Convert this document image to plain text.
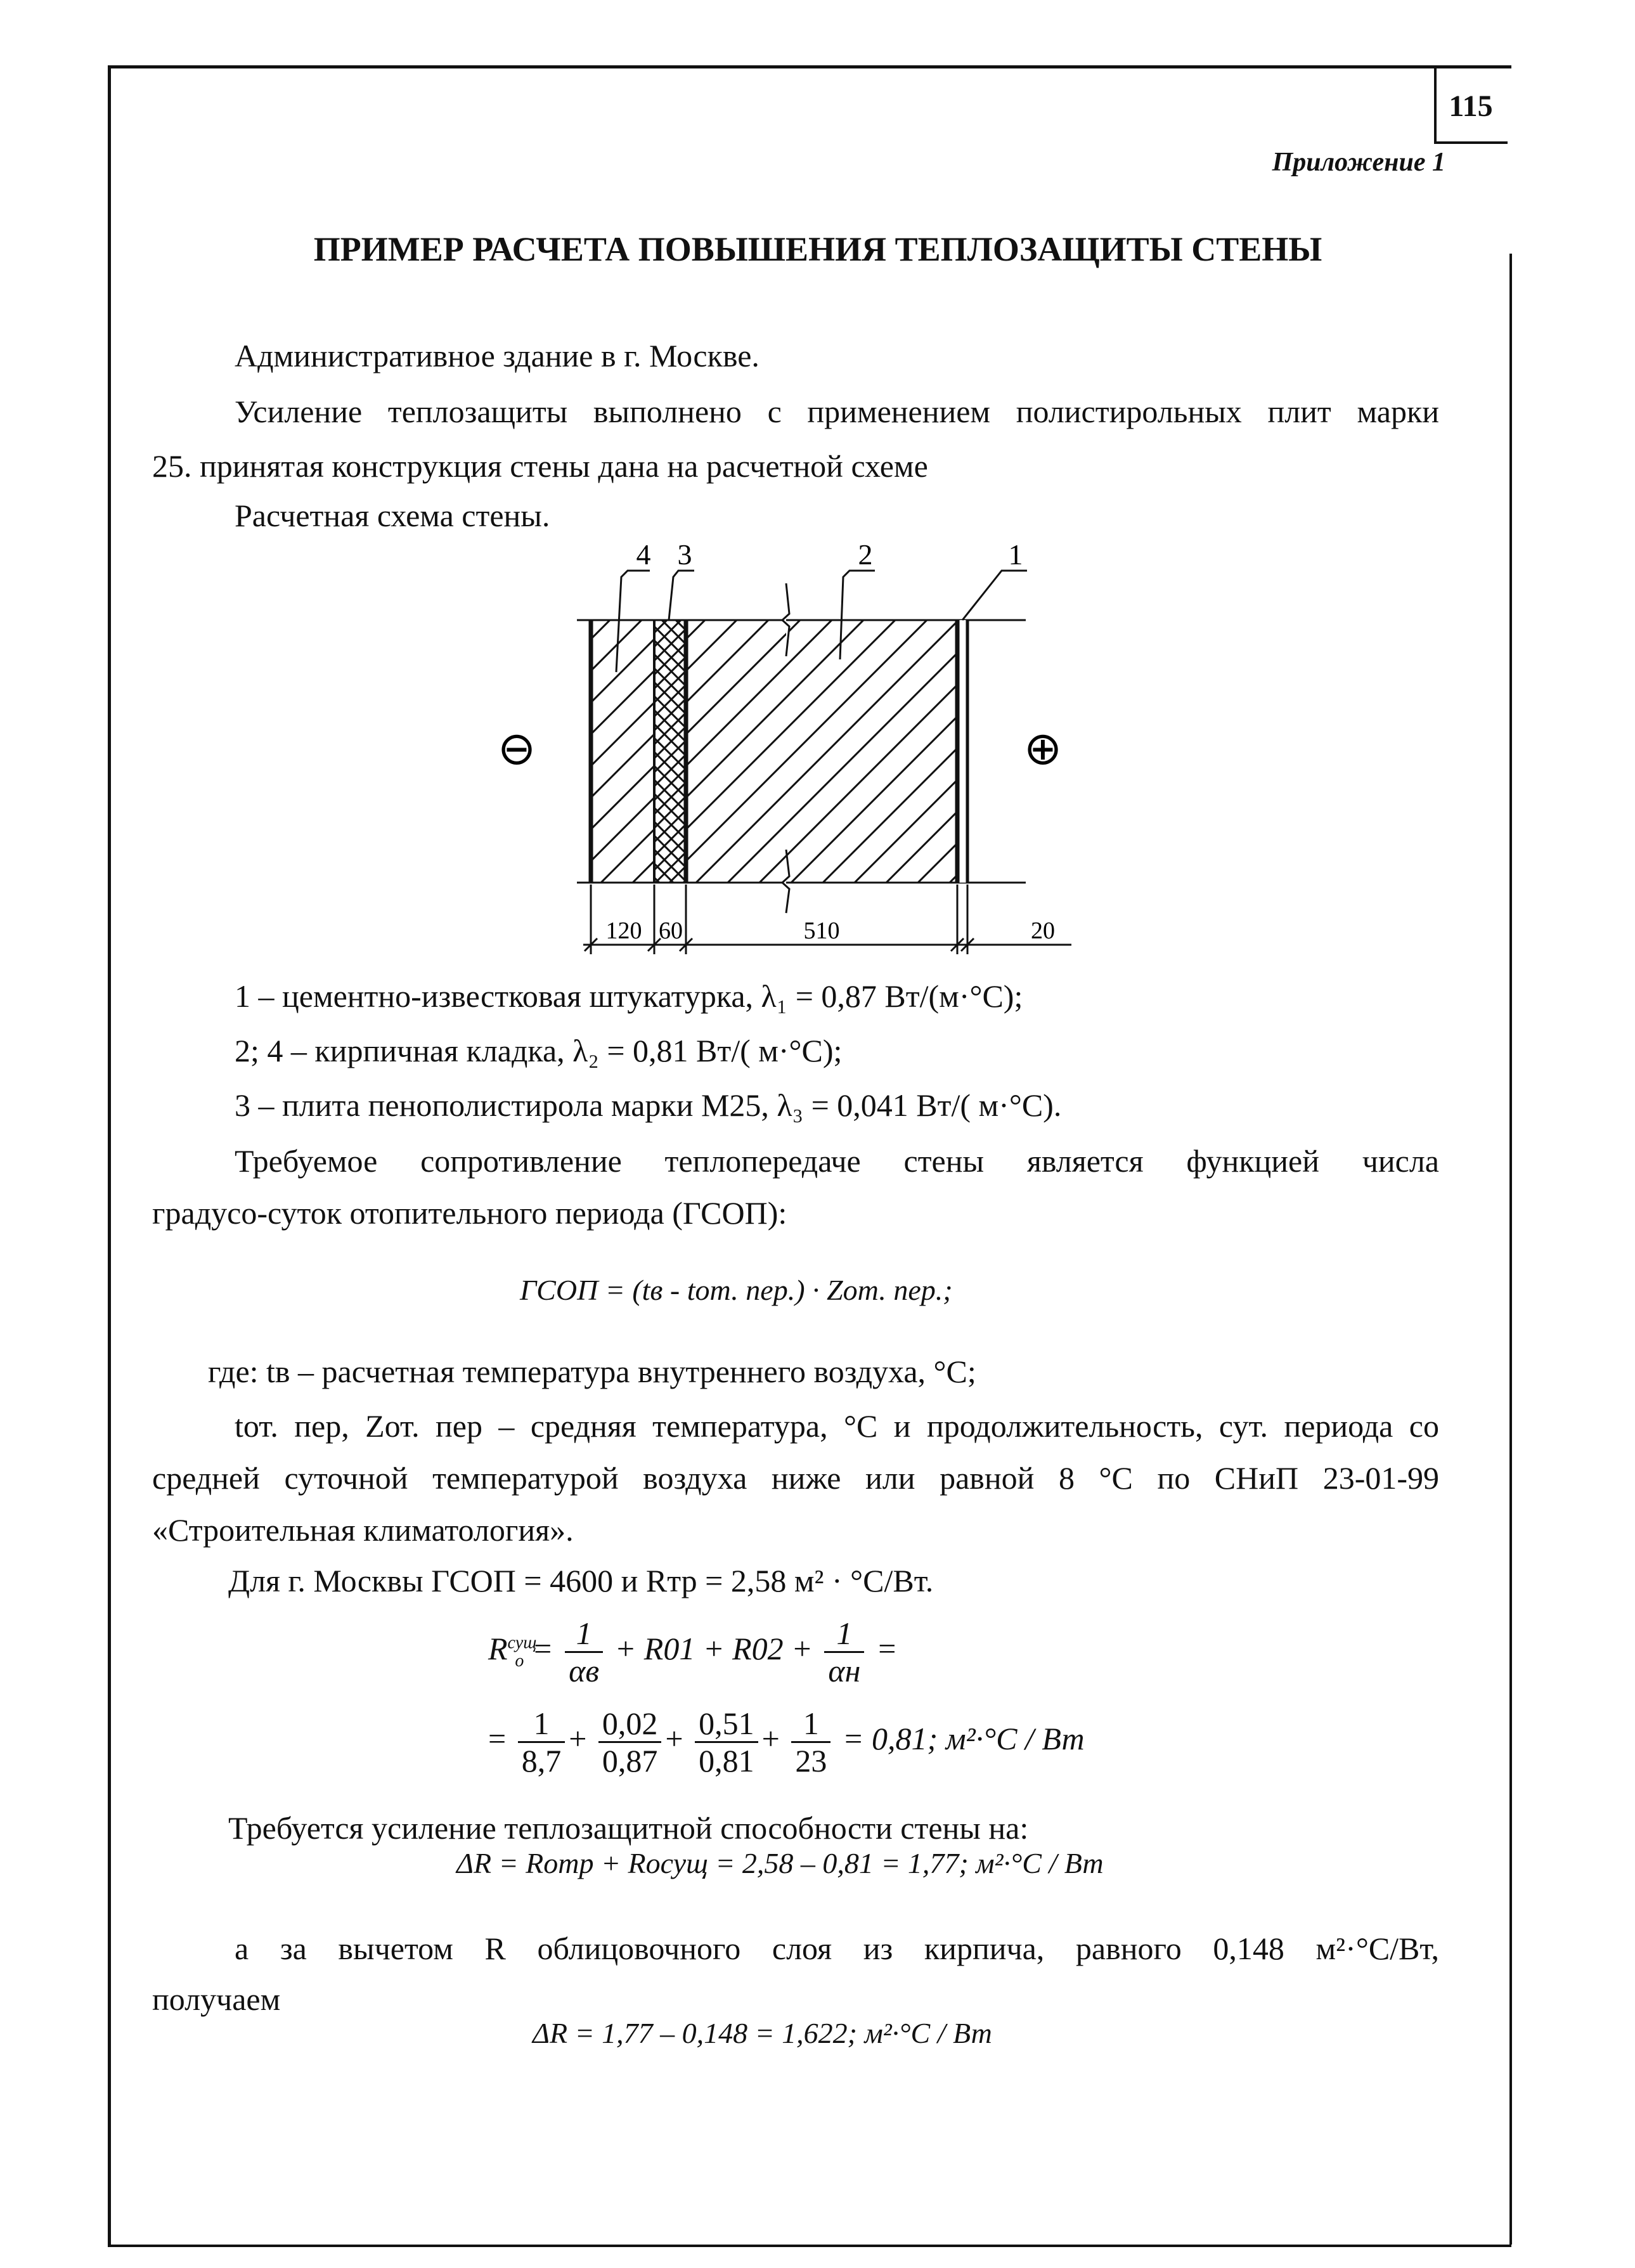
115
Приложение 1
ПРИМЕР РАСЧЕТА ПОВЫШЕНИЯ ТЕПЛОЗАЩИТЫ СТЕНЫ
Административное здание в г. Москве.
Усиление теплозащиты выполнено с применением полистирольных плит марки
25. принятая конструкция стены дана на расчетной схеме
Расчетная схема стены.
4 3	2	1
⊖	⊕
120 60	510	20
1 – цементно-известковая штукатурка, λ₁ = 0,87 Вт/(м·°С);
2; 4 – кирпичная кладка, λ₂ = 0,81 Вт/( м·°С);
3 – плита пенополистирола марки М25, λ₃ = 0,041 Вт/( м·°С).
Требуемое сопротивление теплопередаче стены является функцией числа
градусо-суток отопительного периода (ГСОП):
ГСОП = (tв - tот. пер.) · Zот. пер.;
где: tв – расчетная температура внутреннего воздуха, °С;
tот. пер, Zот. пер – средняя температура, °С и продолжительность, сут. периода со
средней суточной температурой воздуха ниже или равной 8 °С по СНиП 23-01-99
«Строительная климатология».
Для г. Москвы ГСОП = 4600 и Rтр = 2,58 м² · °С/Вт.
$R^{сущ}_о = \frac{1}{\alpha в} + R01 + R02 + \frac{1}{\alpha н}$ =
= $\frac{1}{8,7} + \frac{0,02}{0,87} + \frac{0,51}{0,81} + \frac{1}{23} = 0,81$; м²·°С / Вт
Требуется усиление теплозащитной способности стены на:
ΔR = Rотр + Rосущ = 2,58 – 0,81 = 1,77; м²·°С / Вт
а за вычетом R облицовочного слоя из кирпича, равного 0,148 м²·°С/Вт,
получаем
ΔR = 1,77 – 0,148 = 1,622; м²·°С / Вт
